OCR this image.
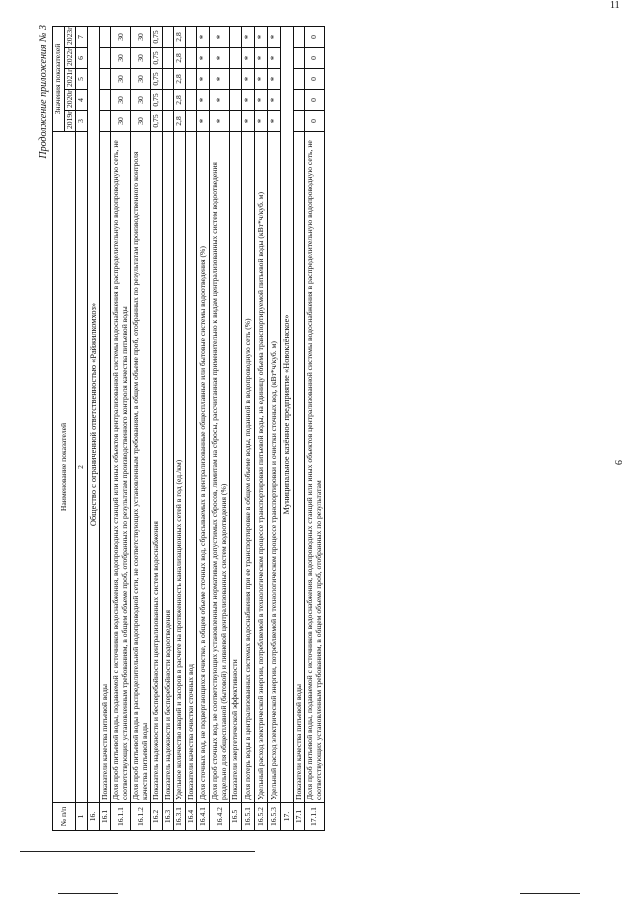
11
9
Продолжение приложения № 3
№ п/п	Наименование показателей	Значения показателей				
		2019г	2020г	2021г	2022г	2023г
1	2	3	4	5	6	7
16.	Общество с ограниченной ответственностью «Райжилкомхоз»					
16.1	Показатели качества питьевой воды					
16.1.1	Доля проб питьевой воды, подаваемой с источников водоснабжения, водопроводных станций или иных объектов централизованной системы водоснабжения в распределительную водопроводную сеть, не соответствующих установленным требованиям, в общем объеме проб, отобранных по результатам производственного контроля качества питьевой воды	30	30	30	30	30
16.1.2	Доля проб питьевой воды в распределительной водопроводной сети, не соответствующих установленным требованиям, в общем объеме проб, отобранных по результатам производственного контроля качества питьевой воды	30	30	30	30	30
16.2	Показатель надежности и бесперебойности централизованных систем водоснабжения	0,75	0,75	0,75	0,75	0,75
16.3	Показатель надежности и бесперебойности водоотведения					
16.3.1	Удельное количество аварий и засоров в расчете на протяженность канализационных сетей в год (ед./км)	2,8	2,8	2,8	2,8	2,8
16.4	Показатели качества очистки сточных вод					
16.4.1	Доля сточных вод, не подвергающихся очистке, в общем объеме сточных вод, сбрасываемых в централизованные общесплавные или бытовые системы водоотведения (%)	*	*	*	*	*
16.4.2	Доля проб сточных вод, не соответствующих установленным нормативам допустимых сбросов, лимитам на сбросы, рассчитанная применительно к видам централизованных систем водоотведения раздельно для общесплавной (бытовой) и ливневой централизованных систем водоотведения (%)	*	*	*	*	*
16.5	Показатели энергетической эффективности					
16.5.1	Доля потерь воды в централизованных системах водоснабжения при ее транспортировке в общем объеме воды, поданной в водопроводную сеть (%)	*	*	*	*	*
16.5.2	Удельный расход электрической энергии, потребляемой в технологическом процессе транспортировки питьевой воды, на единицу объема транспортируемой питьевой воды (кВт*ч/куб. м)	*	*	*	*	*
16.5.3	Удельный расход электрической энергии, потребляемой в технологическом процессе транспортировки и очистки сточных вод, (кВт*ч/куб. м)	*	*	*	*	*
17.	Муниципальное казённое предприятие «Новоклёнское»					
17.1	Показатели качества питьевой воды					
17.1.1	Доля проб питьевой воды, подаваемой с источников водоснабжения, водопроводных станций или иных объектов централизованной системы водоснабжения в распределительную водопроводную сеть, не соответствующих установленным требованиям, в общем объеме проб, отобранных по результатам	0	0	0	0	0
